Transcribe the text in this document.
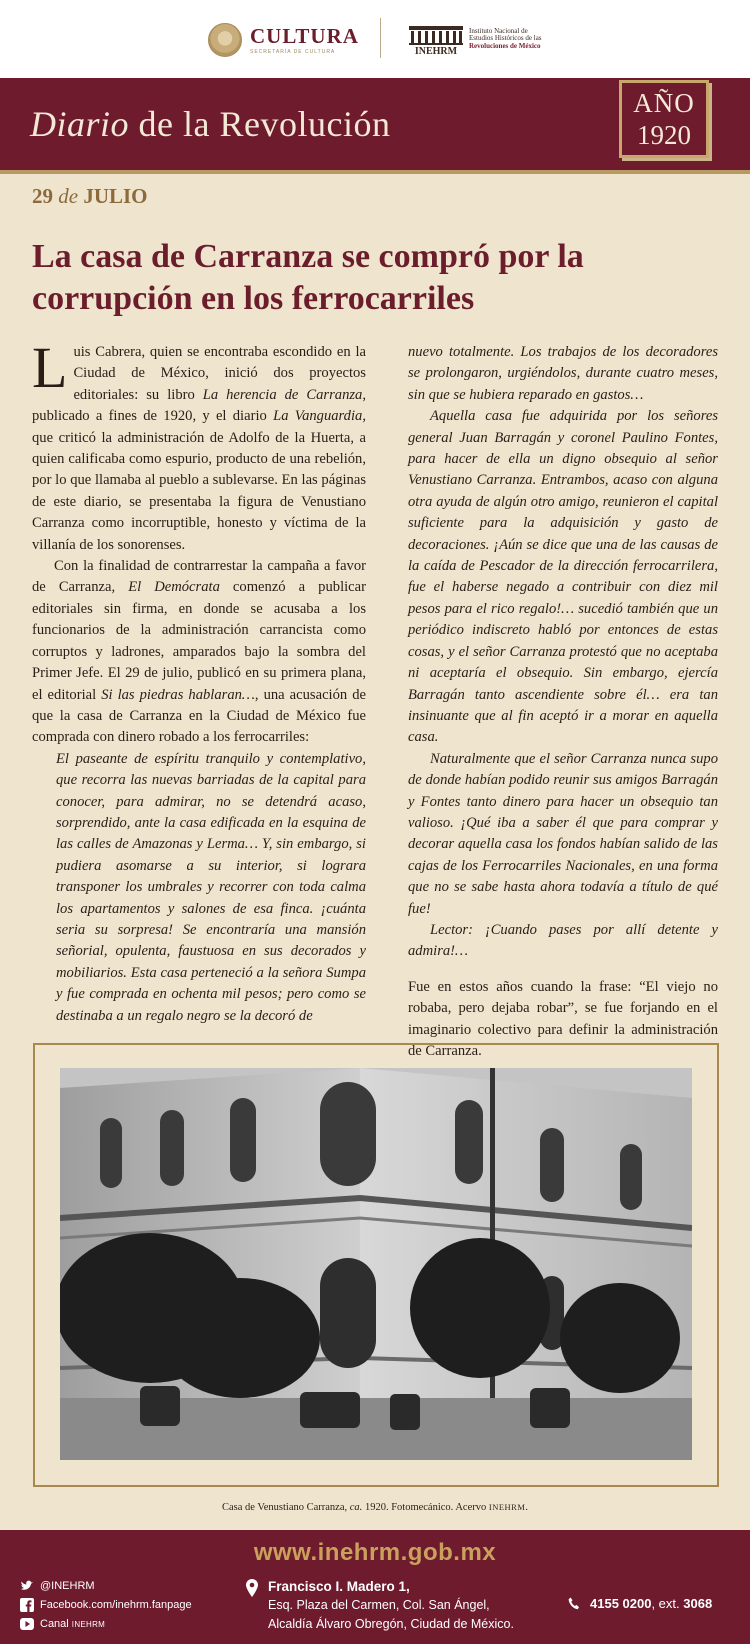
CULTURA
SECRETARÍA DE CULTURA	INEHRM
Instituto Nacional de
Estudios Históricos de las
Revoluciones de México
Diario de la Revolución
AÑO
1920
29 de JULIO
La casa de Carranza se compró por la corrupción en los ferrocarriles

Luis Cabrera, quien se encontraba escondido en la Ciudad de México, inició dos proyectos editoriales: su libro La herencia de Carranza, publicado a fines de 1920, y el diario La Vanguardia, que criticó la administración de Adolfo de la Huerta, a quien calificaba como espurio, producto de una rebelión, por lo que llamaba al pueblo a sublevarse. En las páginas de este diario, se presentaba la figura de Venustiano Carranza como incorruptible, honesto y víctima de la villanía de los sonorenses.

Con la finalidad de contrarrestar la campaña a favor de Carranza, El Demócrata comenzó a publicar editoriales sin firma, en donde se acusaba a los funcionarios de la administración carrancista como corruptos y ladrones, amparados bajo la sombra del Primer Jefe. El 29 de julio, publicó en su primera plana, el editorial Si las piedras hablaran…, una acusación de que la casa de Carranza en la Ciudad de México fue comprada con dinero robado a los ferrocarriles:

El paseante de espíritu tranquilo y contemplativo, que recorra las nuevas barriadas de la capital para conocer, para admirar, no se detendrá acaso, sorprendido, ante la casa edificada en la esquina de las calles de Amazonas y Lerma… Y, sin embargo, si pudiera asomarse a su interior, si lograra transponer los umbrales y recorrer con toda calma los apartamentos y salones de esa finca. ¡cuánta seria su sorpresa! Se encontraría una mansión señorial, opulenta, faustuosa en sus decorados y mobiliarios. Esta casa perteneció a la señora Sumpa y fue comprada en ochenta mil pesos; pero como se destinaba a un regalo negro se la decoró de

nuevo totalmente. Los trabajos de los decoradores se prolongaron, urgiéndolos, durante cuatro meses, sin que se hubiera reparado en gastos…

Aquella casa fue adquirida por los señores general Juan Barragán y coronel Paulino Fontes, para hacer de ella un digno obsequio al señor Venustiano Carranza. Entrambos, acaso con alguna otra ayuda de algún otro amigo, reunieron el capital suficiente para la adquisición y gasto de decoraciones. ¡Aún se dice que una de las causas de la caída de Pescador de la dirección ferrocarrilera, fue el haberse negado a contribuir con diez mil pesos para el rico regalo!… sucedió también que un periódico indiscreto habló por entonces de estas cosas, y el señor Carranza protestó que no aceptaba ni aceptaría el obsequio. Sin embargo, ejercía Barragán tanto ascendiente sobre él… era tan insinuante que al fin aceptó ir a morar en aquella casa.

Naturalmente que el señor Carranza nunca supo de donde habían podido reunir sus amigos Barragán y Fontes tanto dinero para hacer un obsequio tan valioso. ¡Qué iba a saber él que para comprar y decorar aquella casa los fondos habían salido de las cajas de los Ferrocarriles Nacionales, en una forma que no se sabe hasta ahora todavía a título de qué fue!

Lector: ¡Cuando pases por allí detente y admira!…

Fue en estos años cuando la frase: “El viejo no robaba, pero dejaba robar”, se fue forjando en el imaginario colectivo para definir la administración de Carranza.

Casa de Venustiano Carranza, ca. 1920. Fotomecánico. Acervo INEHRM.
www.inehrm.gob.mx
@INEHRM
Facebook.com/inehrm.fanpage
Canal INEHRM
Francisco I. Madero 1,
Esq. Plaza del Carmen, Col. San Ángel,
Alcaldía Álvaro Obregón, Ciudad de México.
4155 0200, ext. 3068
